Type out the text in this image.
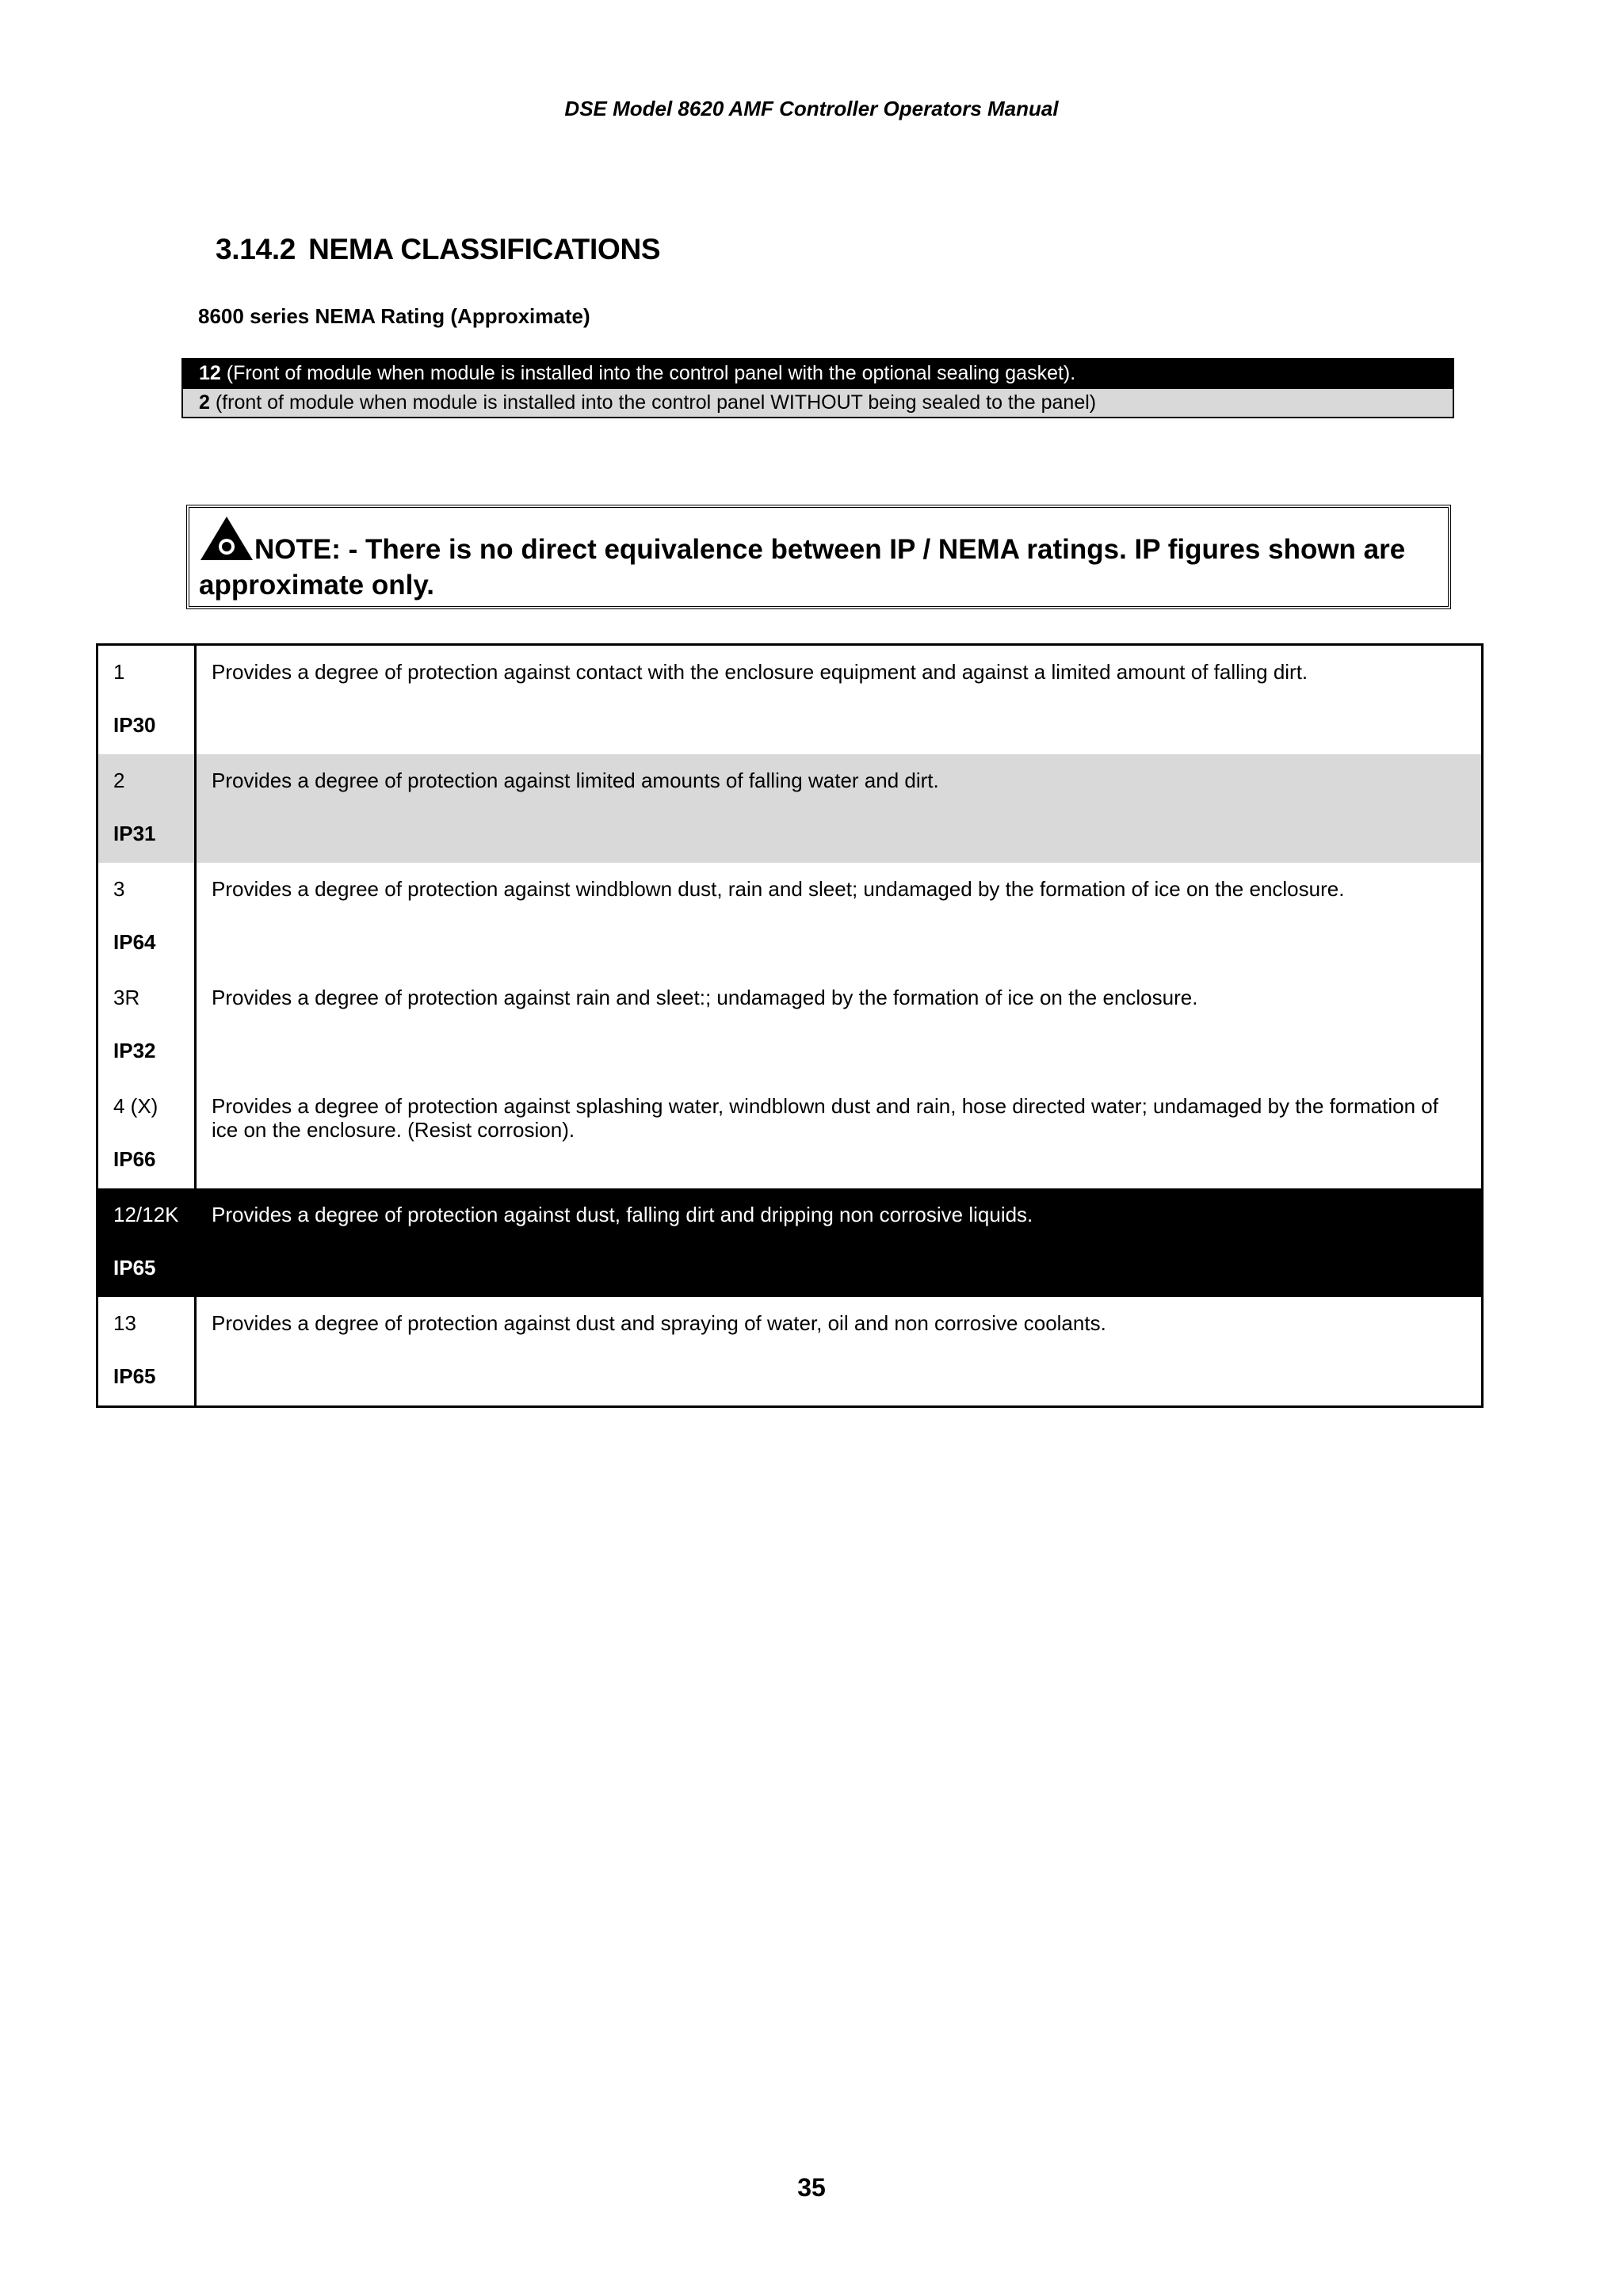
DSE Model 8620 AMF Controller Operators Manual
3.14.2 NEMA CLASSIFICATIONS
8600 series NEMA Rating (Approximate)
12 (Front of module when module is installed into the control panel with the optional sealing gasket).
2 (front of module when module is installed into the control panel WITHOUT being sealed to the panel)
NOTE: - There is no direct equivalence between IP / NEMA ratings. IP figures shown are approximate only.
1
IP30
Provides a degree of protection against contact with the enclosure equipment and against a limited amount of falling dirt.
2
IP31
Provides a degree of protection against limited amounts of falling water and dirt.
3
IP64
Provides a degree of protection against windblown dust, rain and sleet; undamaged by the formation of ice on the enclosure.
3R
IP32
Provides a degree of protection against rain and sleet:; undamaged by the formation of ice on the enclosure.
4 (X)
IP66
Provides a degree of protection against splashing water, windblown dust and rain, hose directed water; undamaged by the formation of ice on the enclosure. (Resist corrosion).
12/12K
IP65
Provides a degree of protection against dust, falling dirt and dripping non corrosive liquids.
13
IP65
Provides a degree of protection against dust and spraying of water, oil and non corrosive coolants.
35
